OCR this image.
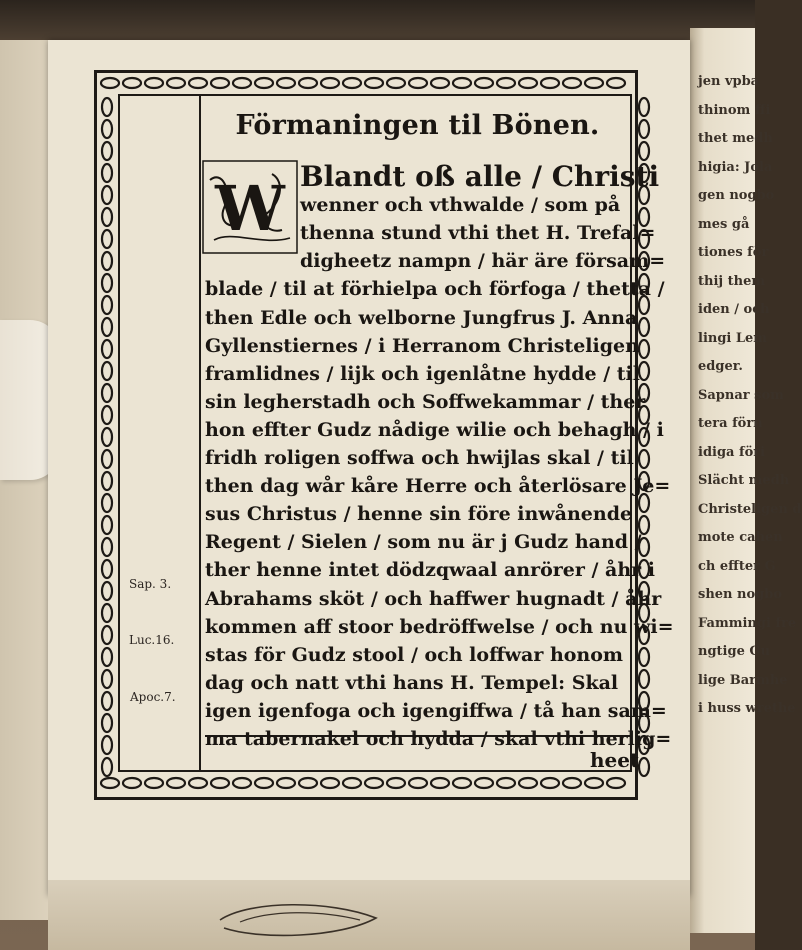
jen vpba
thinom ffi
thet medh
higia: Jola
gen nogbo
mes gå
tiones för
thij them
iden / och
lingi Lem
edger.
Sapnar som
tera förn
idiga föri
Slächt medh
Christeligen d
mote cahen
ch effter G
shen nogbo
Fammingi fre
ngtige Gu
lige Barmhe
i huss wrethe
Förmaningen til Bönen.
W Blandt oß alle / Christi
wenner och vthwalde / som på
thenna stund vthi thet H. Trefal=
digheetz nampn / här äre försam=
blade / til at förhielpa och förfoga / thetta /
then Edle och welborne Jungfrus J. Anna
Gyllenstiernes / i Herranom Christeligen
framlidnes / lijk och igenlåtne hydde / til
sin legherstadh och Soffwekammar / ther
hon effter Gudz nådige wilie och behagh / i
fridh roligen soffwa och hwijlas skal / til
then dag wår kåre Herre och återlösare Je=
sus Christus / henne sin före inwånende
Regent / Sielen / som nu är j Gudz hand /
ther henne intet dödzqwaal anrörer / åhr i
Abrahams sköt / och haffwer hugnadt / åhr
kommen aff stoor bedröffwelse / och nu wi=
stas för Gudz stool / och loffwar honom
dag och natt vthi hans H. Tempel: Skal
igen igenfoga och igengiffwa / tå han sam=
ma tabernakel och hydda / skal vthi herlig=
Sap. 3.
Luc.16.
Apoc.7.
heet
